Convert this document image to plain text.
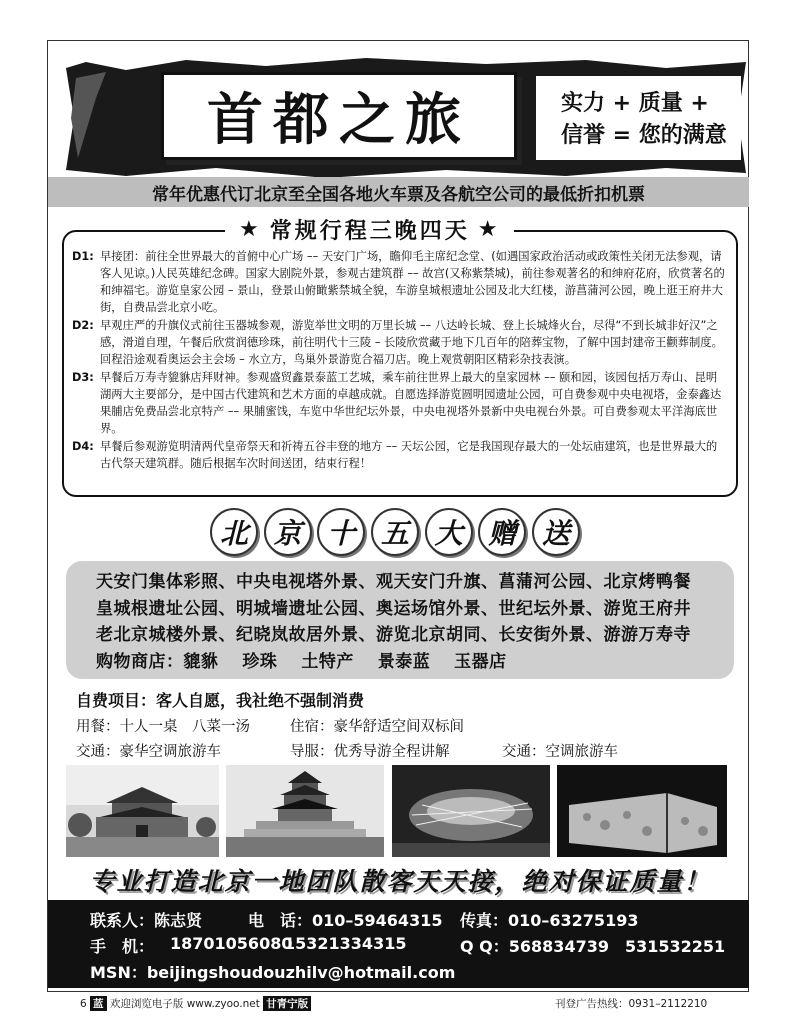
首都之旅	实力 + 质量 +
信誉 = 您的满意
常年优惠代订北京至全国各地火车票及各航空公司的最低折扣机票
D1: 早接团：前往全世界最大的首俯中心广场 –– 天安门广场，瞻仰毛主席纪念堂、(如遇国家政治活动或政策性关闭无法参观，请客人见谅。)人民英雄纪念碑。国家大剧院外景，参观古建筑群 –– 故宫(又称紫禁城)，前往参观著名的和绅府花府，欣赏著名的和绅福宅。游览皇家公园 – 景山，登景山俯瞰紫禁城全貌，车游皇城根遗址公园及北大红楼，游菖蒲河公园，晚上逛王府井大街，自费品尝北京小吃。
D2: 早观庄严的升旗仪式前往玉器城参观，游览举世文明的万里长城 –– 八达岭长城、登上长城烽火台，尽得“不到长城非好汉”之感，滑道自理，午餐后欣赏润德珍珠，前往明代十三陵 – 长陵欣赏藏于地下几百年的陪葬宝物，了解中国封建帝王颧葬制度。回程沿途观看奥运会主会场 – 水立方，鸟巢外景游览合福刀店。晚上观赏朝阳区精彩杂技表演。
D3: 早餐后万寿寺貔貅店拜财神。参观盛贸鑫景泰蓝工艺城，乘车前往世界上最大的皇家园林 –– 颐和园，该园包括万寿山、昆明湖两大主要部分，是中国古代建筑和艺术方面的卓越成就。自愿选择游览圆明园遗址公园，可自费参观中央电视塔，金泰鑫达果脯店免费品尝北京特产 –– 果脯蜜饯，车览中华世纪坛外景，中央电视塔外景新中央电视台外景。可自费参观太平洋海底世界。
D4: 早餐后参观游览明清两代皇帝祭天和祈祷五谷丰登的地方 –– 天坛公园，它是我国现存最大的一处坛庙建筑，也是世界最大的古代祭天建筑群。随后根据车次时间送团，结束行程！
★ 常规行程三晚四天 ★
北 京 十 五 大 赠 送
天安门集体彩照、中央电视塔外景、观天安门升旗、菖蒲河公园、北京烤鸭餐
皇城根遗址公园、明城墙遗址公园、奥运场馆外景、世纪坛外景、游览王府井
老北京城楼外景、纪晓岚故居外景、游览北京胡同、长安街外景、游游万寿寺
购物商店：貔貅　 珍珠　 土特产　 景泰蓝　 玉器店
自费项目：客人自愿，我社绝不强制消费
用餐：十人一桌　八菜一汤	住宿：豪华舒适空间双标间
交通：豪华空调旅游车	导服：优秀导游全程讲解	交通：空调旅游车
专业打造北京一地团队散客天天接，绝对保证质量！
联系人：陈志贤	电　话：010–59464315 传真：010–63275193
手　机： 18701056080
15321334315	Q Q：568834739　531532251
MSN：beijingshoudouzhilv@hotmail.com
6 蓝 欢迎浏览电子版 www.zyoo.net 甘青宁版	刊登广告热线：0931–2112210
